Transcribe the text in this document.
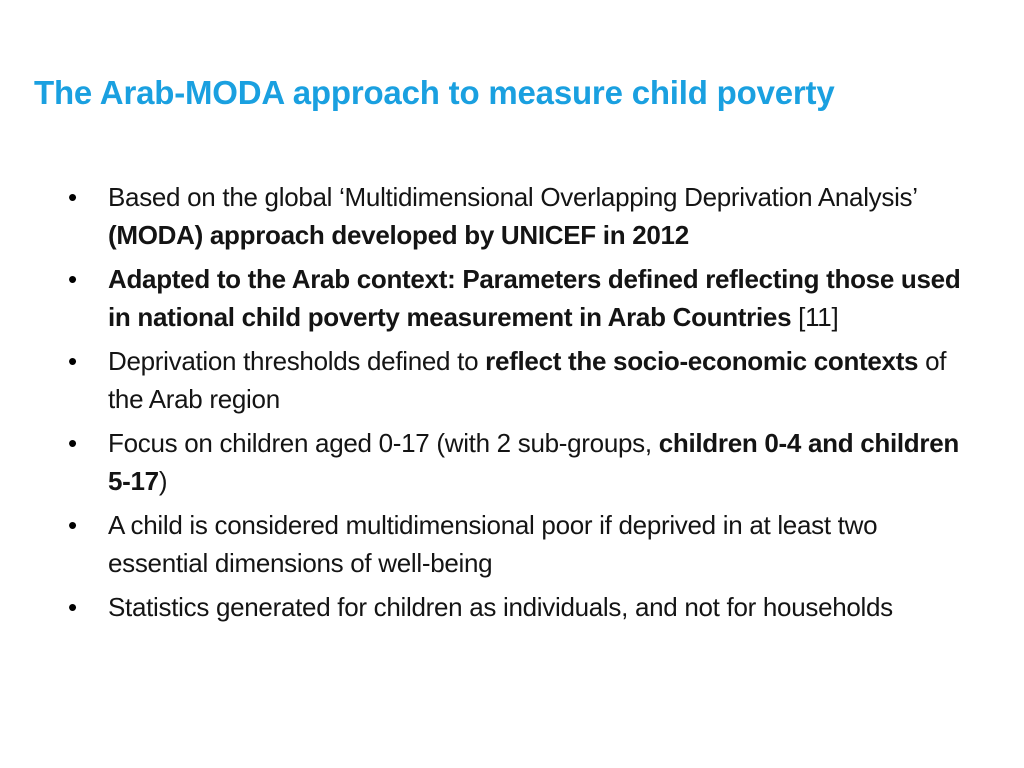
The Arab-MODA approach to measure child poverty
• Based on the global ‘Multidimensional Overlapping Deprivation Analysis’ (MODA) approach developed by UNICEF in 2012
• Adapted to the Arab context: Parameters defined reflecting those used in national child poverty measurement in Arab Countries [11]
• Deprivation thresholds defined to reflect the socio-economic contexts of the Arab region
• Focus on children aged 0-17 (with 2 sub-groups, children 0-4 and children 5-17)
• A child is considered multidimensional poor if deprived in at least two essential dimensions of well-being
• Statistics generated for children as individuals, and not for households
